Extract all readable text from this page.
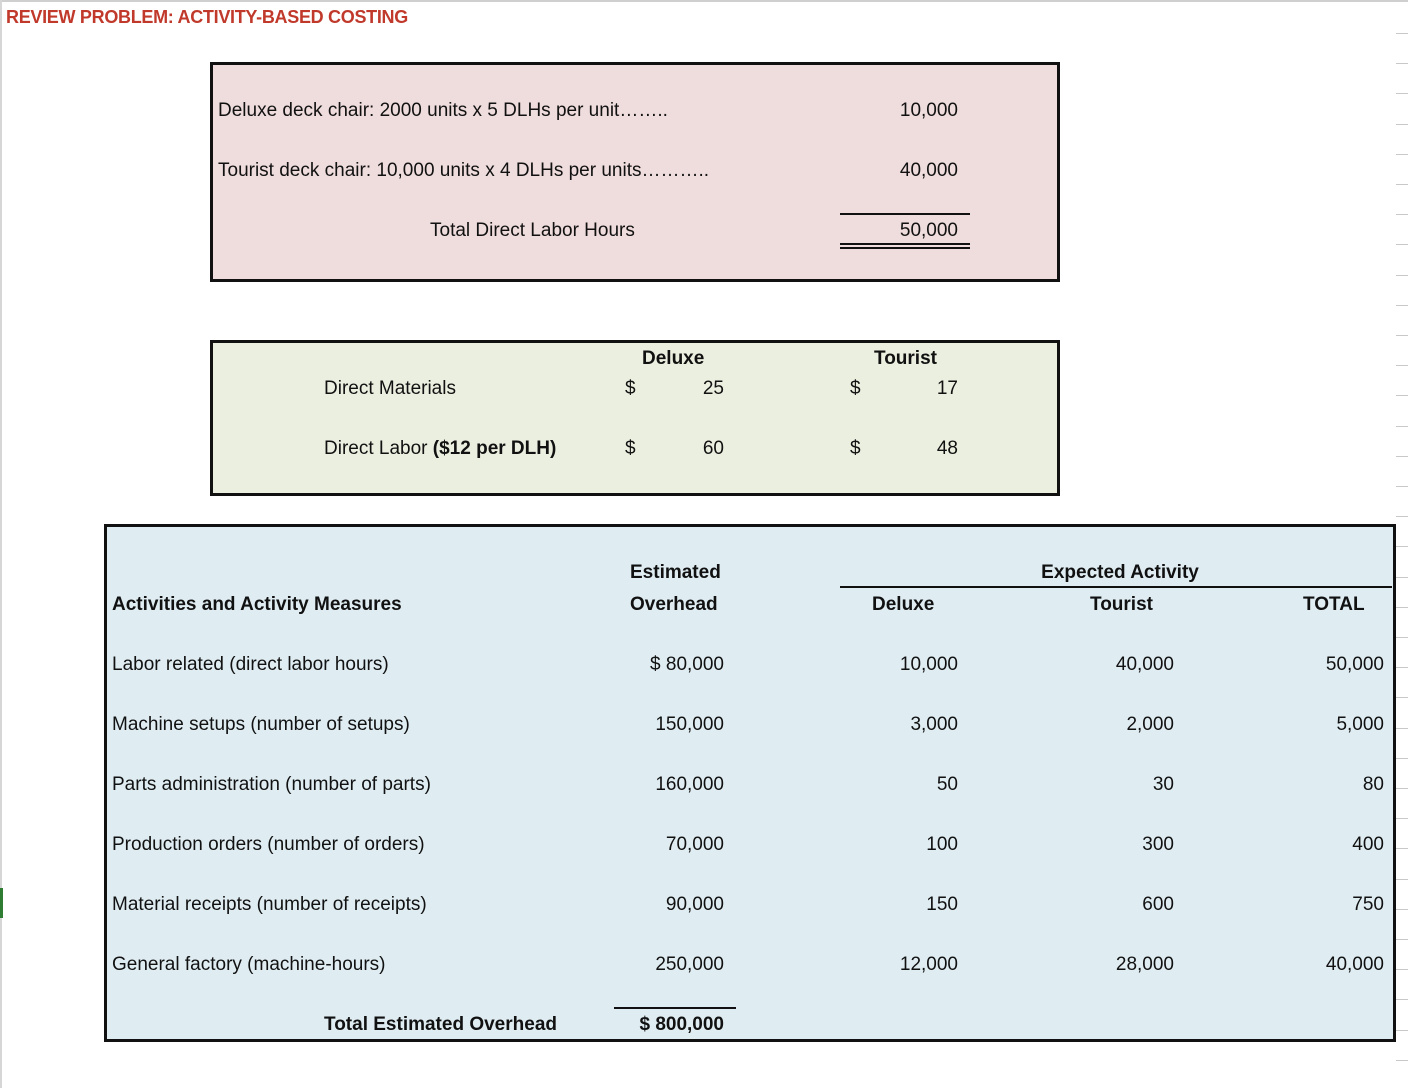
REVIEW PROBLEM: ACTIVITY-BASED COSTING
Deluxe deck chair: 2000 units x 5 DLHs per unit……..	10,000
Tourist deck chair: 10,000 units x 4 DLHs per units………..	40,000
Total Direct Labor Hours	50,000
Deluxe	Tourist
Direct Materials	$	25	$	17
Direct Labor ($12 per DLH)	$	60	$	48
Estimated	Expected Activity
Activities and Activity Measures	Overhead	Deluxe	Tourist	TOTAL
Labor related (direct labor hours)	$ 80,000	10,000	40,000	50,000
Machine setups (number of setups)	150,000	3,000	2,000	5,000
Parts administration (number of parts)	160,000	50	30	80
Production orders (number of orders)	70,000	100	300	400
Material receipts (number of receipts)	90,000	150	600	750
General factory (machine-hours)	250,000	12,000	28,000	40,000
Total Estimated Overhead	$ 800,000
